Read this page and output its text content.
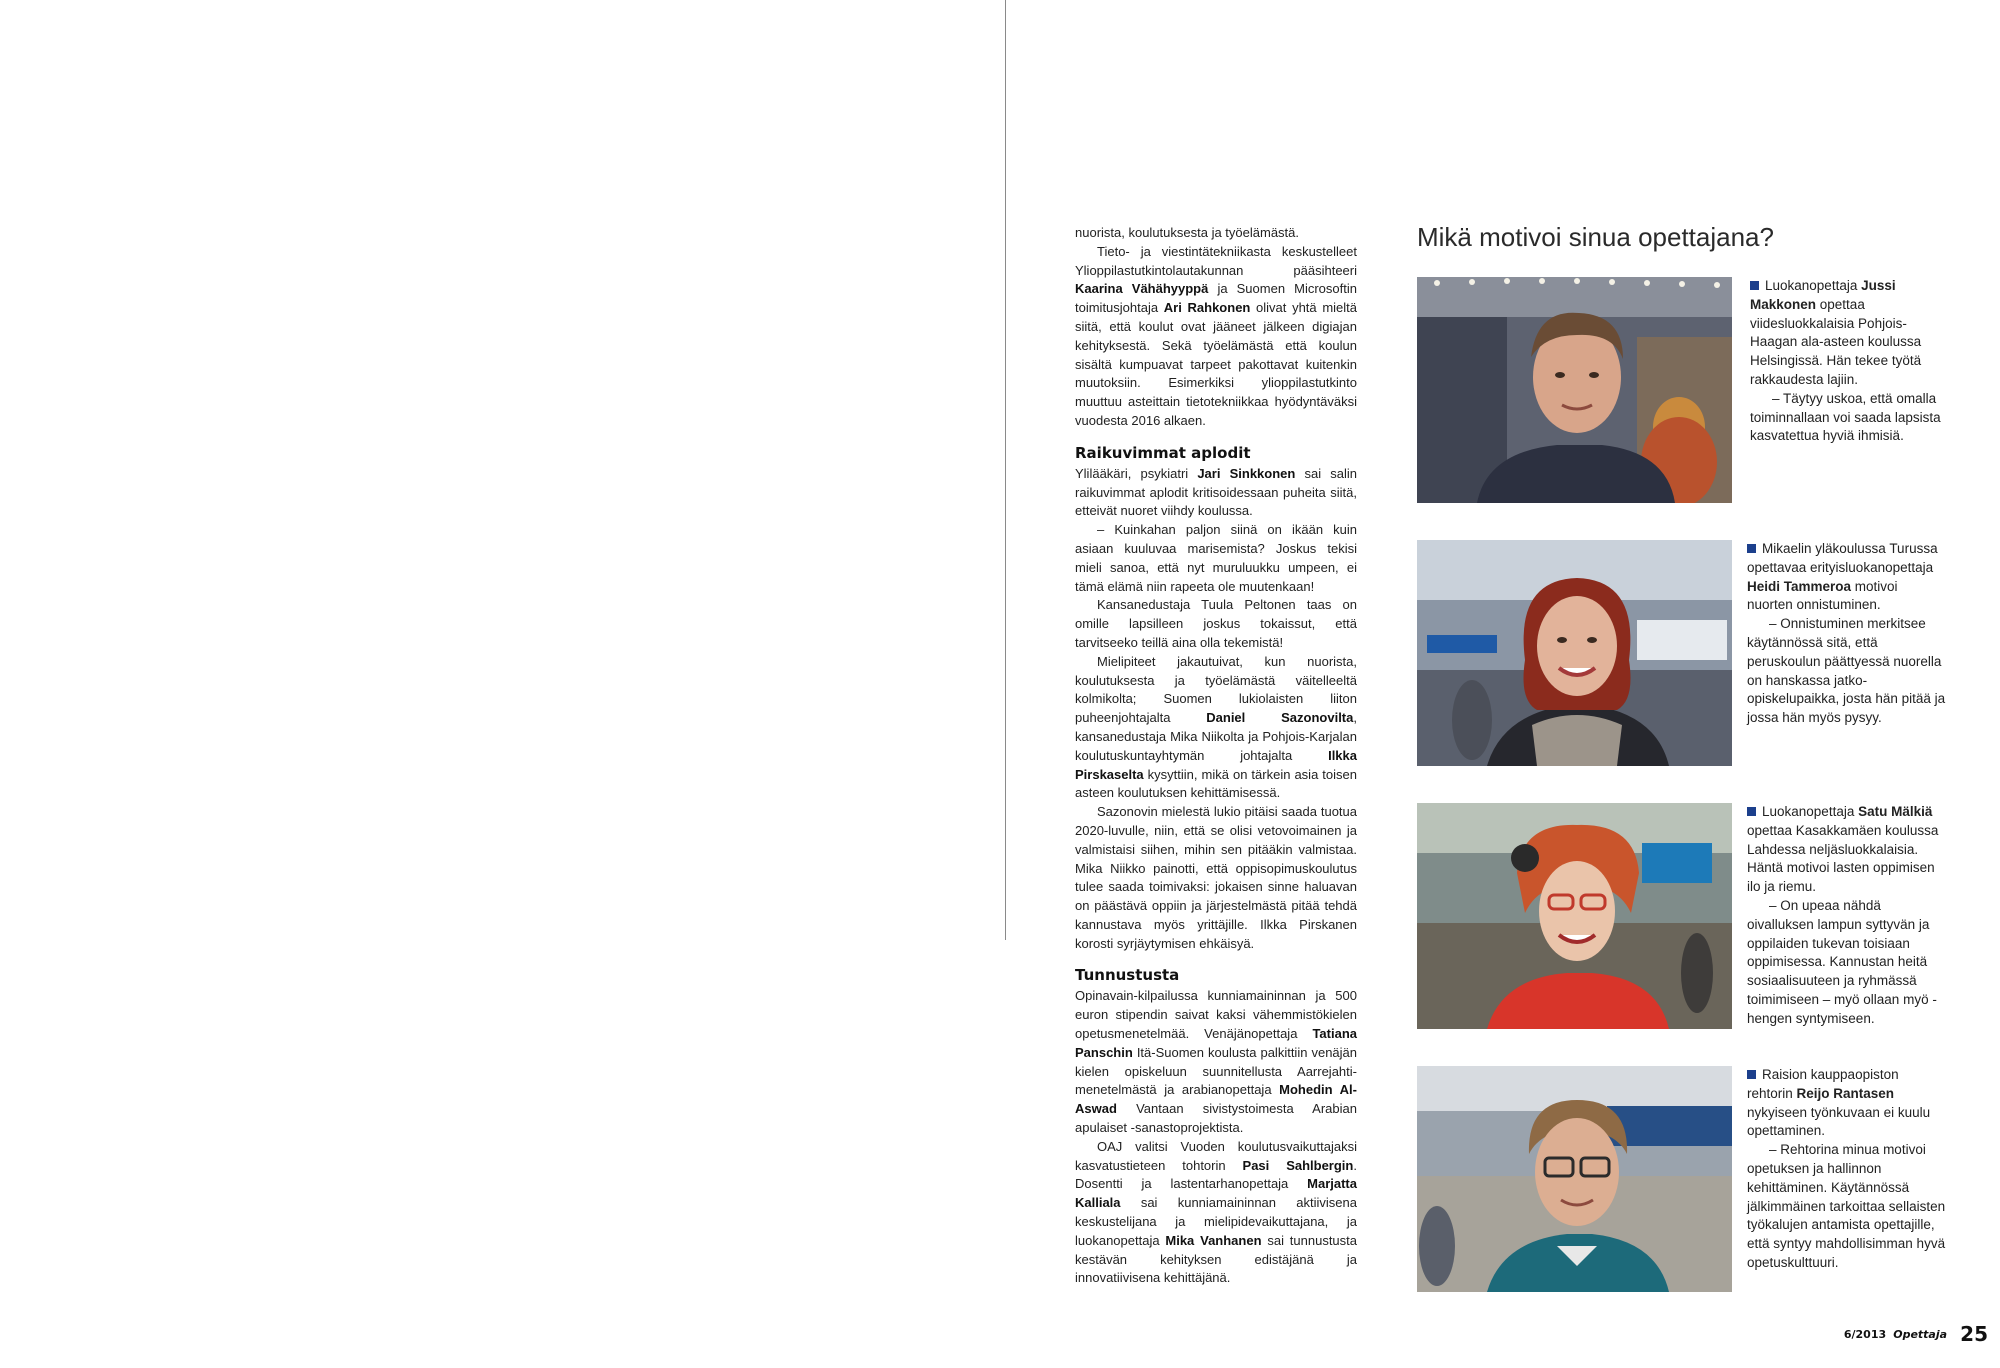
nuorista, koulutuksesta ja työelämästä.

Tieto- ja viestintätekniikasta keskustelleet Ylioppilastutkintolautakunnan pääsihteeri Kaarina Vähähyyppä ja Suomen Microsoftin toimitusjohtaja Ari Rahkonen olivat yhtä mieltä siitä, että koulut ovat jääneet jälkeen digiajan kehityksestä. Sekä työelämästä että koulun sisältä kumpuavat tarpeet pakottavat kuitenkin muutoksiin. Esimerkiksi ylioppilastutkinto muuttuu asteittain tietotekniikkaa hyödyntäväksi vuodesta 2016 alkaen.

Raikuvimmat aplodit

Ylilääkäri, psykiatri Jari Sinkkonen sai salin raikuvimmat aplodit kritisoidessaan puheita siitä, etteivät nuoret viihdy koulussa.

– Kuinkahan paljon siinä on ikään kuin asiaan kuuluvaa marisemista? Joskus tekisi mieli sanoa, että nyt muruluukku umpeen, ei tämä elämä niin rapeeta ole muutenkaan!

Kansanedustaja Tuula Peltonen taas on omille lapsilleen joskus tokaissut, että tarvitseeko teillä aina olla tekemistä!

Mielipiteet jakautuivat, kun nuorista, koulutuksesta ja työelämästä väitelleeltä kolmikolta; Suomen lukiolaisten liiton puheenjohtajalta Daniel Sazonovilta, kansanedustaja Mika Niikolta ja Pohjois-Karjalan koulutuskuntayhtymän johtajalta Ilkka Pirskaselta kysyttiin, mikä on tärkein asia toisen asteen koulutuksen kehittämisessä.

Sazonovin mielestä lukio pitäisi saada tuotua 2020-luvulle, niin, että se olisi vetovoimainen ja valmistaisi siihen, mihin sen pitääkin valmistaa. Mika Niikko painotti, että oppisopimuskoulutus tulee saada toimivaksi: jokaisen sinne haluavan on päästävä oppiin ja järjestelmästä pitää tehdä kannustava myös yrittäjille. Ilkka Pirskanen korosti syrjäytymisen ehkäisyä.

Tunnustusta

Opinavain-kilpailussa kunniamaininnan ja 500 euron stipendin saivat kaksi vähemmistökielen opetusmenetelmää. Venäjänopettaja Tatiana Panschin Itä-Suomen koulusta palkittiin venäjän kielen opiskeluun suunnitellusta Aarrejahti-menetelmästä ja arabianopettaja Mohedin Al-Aswad Vantaan sivistystoimesta Arabian apulaiset -sanastoprojektista.

OAJ valitsi Vuoden koulutusvaikuttajaksi kasvatustieteen tohtorin Pasi Sahlbergin. Dosentti ja lastentarhanopettaja Marjatta Kalliala sai kunniamaininnan aktiivisena keskustelijana ja mielipidevaikuttajana, ja luokanopettaja Mika Vanhanen sai tunnustusta kestävän kehityksen edistäjänä ja innovatiivisena kehittäjänä.

Mikä motivoi sinua opettajana?

Luokanopettaja Jussi Makkonen opettaa viidesluokkalaisia Pohjois-Haagan ala-asteen koulussa Helsingissä. Hän tekee työtä rakkaudesta lajiin.

– Täytyy uskoa, että omalla toiminnallaan voi saada lapsista kasvatettua hyviä ihmisiä.

Mikaelin yläkoulussa Turussa opettavaa erityisluokanopettaja Heidi Tammeroa motivoi nuorten onnistuminen.

– Onnistuminen merkitsee käytännössä sitä, että peruskoulun päättyessä nuorella on hanskassa jatko-opiskelupaikka, josta hän pitää ja jossa hän myös pysyy.

Luokanopettaja Satu Mälkiä opettaa Kasakkamäen koulussa Lahdessa neljäsluokkalaisia. Häntä motivoi lasten oppimisen ilo ja riemu.

– On upeaa nähdä oivalluksen lampun syttyvän ja oppilaiden tukevan toisiaan oppimisessa. Kannustan heitä sosiaalisuuteen ja ryhmässä toimimiseen – myö ollaan myö -hengen syntymiseen.

Raision kauppaopiston rehtorin Reijo Rantasen nykyiseen työnkuvaan ei kuulu opettaminen.

– Rehtorina minua motivoi opetuksen ja hallinnon kehittäminen. Käytännössä jälkimmäinen tarkoittaa sellaisten työkalujen antamista opettajille, että syntyy mahdollisimman hyvä opetuskulttuuri.

6/2013 Opettaja 25
